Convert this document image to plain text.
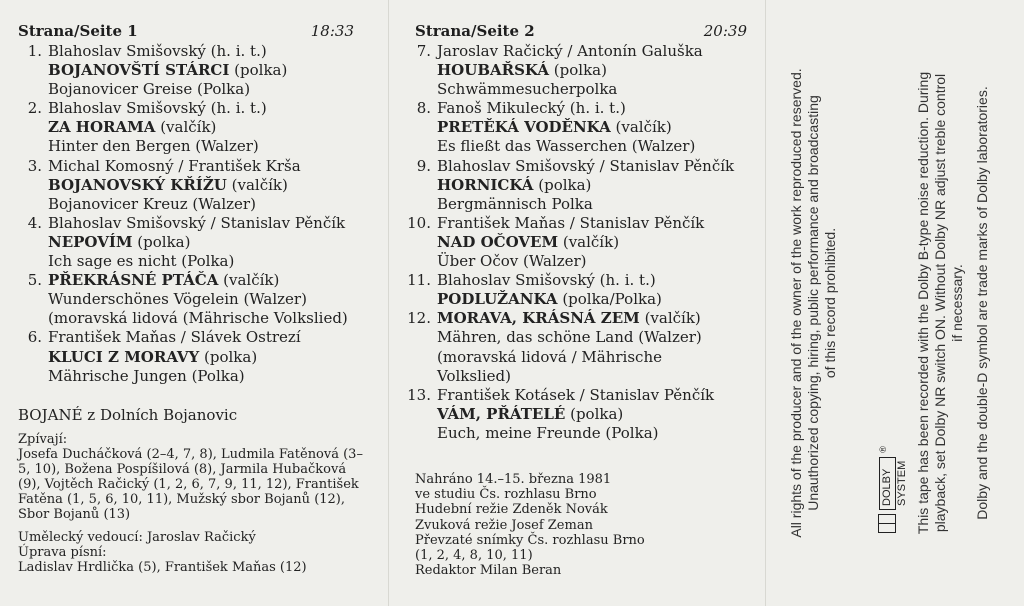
Strana/Seite 1	18:33
1. Blahoslav Smišovský (h. i. t.)
BOJANOVŠTÍ STÁRCI (polka)
Bojanovicer Greise (Polka)
2. Blahoslav Smišovský (h. i. t.)
ZA HORAMA (valčík)
Hinter den Bergen (Walzer)
3. Michal Komosný / František Krša
BOJANOVSKÝ KŘÍŽU (valčík)
Bojanovicer Kreuz (Walzer)
4. Blahoslav Smišovský / Stanislav Pěnčík
NEPOVÍM (polka)
Ich sage es nicht (Polka)
5. PŘEKRÁSNÉ PTÁČA (valčík)
Wunderschönes Vögelein (Walzer)
(moravská lidová (Mährische Volkslied)
6. František Maňas / Slávek Ostrezí
KLUCI Z MORAVY (polka)
Mährische Jungen (Polka)
BOJANÉ z Dolních Bojanovic
Zpívají:
Josefa Ducháčková (2–4, 7, 8), Ludmila Fatěnová (3–5, 10), Božena Pospíšilová (8), Jarmila Hubačková (9), Vojtěch Račický (1, 2, 6, 7, 9, 11, 12), František Fatěna (1, 5, 6, 10, 11), Mužský sbor Bojanů (12), Sbor Bojanů (13)
Umělecký vedoucí: Jaroslav Račický
Úprava písní:
Ladislav Hrdlička (5), František Maňas (12)
Strana/Seite 2	20:39
7. Jaroslav Račický / Antonín Galuška
HOUBAŘSKÁ (polka)
Schwämmesucherpolka
8. Fanoš Mikulecký (h. i. t.)
PRETĚKÁ VODĚNKA (valčík)
Es fließt das Wasserchen (Walzer)
9. Blahoslav Smišovský / Stanislav Pěnčík
HORNICKÁ (polka)
Bergmännisch Polka
10. František Maňas / Stanislav Pěnčík
NAD OČOVEM (valčík)
Über Očov (Walzer)
11. Blahoslav Smišovský (h. i. t.)
PODLUŽANKA (polka/Polka)
12. MORAVA, KRÁSNÁ ZEM (valčík)
Mähren, das schöne Land (Walzer)
(moravská lidová / Mährische
Volkslied)
13. František Kotásek / Stanislav Pěnčík
VÁM, PŘÁTELÉ (polka)
Euch, meine Freunde (Polka)
Nahráno 14.–15. března 1981
ve studiu Čs. rozhlasu Brno
Hudební režie Zdeněk Novák
Zvuková režie Josef Zeman
Převzaté snímky Čs. rozhlasu Brno
(1, 2, 4, 8, 10, 11)
Redaktor Milan Beran
All rights of the producer and of the owner of the work reproduced reserved. Unauthorized copying, hiring, public performance and broadcasting of this record prohibited.
DOLBY SYSTEM
® This tape has been recorded with the Dolby B-type noise reduction. During playback, set Dolby NR switch ON. Without Dolby NR adjust treble control if necessary. Dolby and the double-D symbol are trade marks of Dolby laboratories.
